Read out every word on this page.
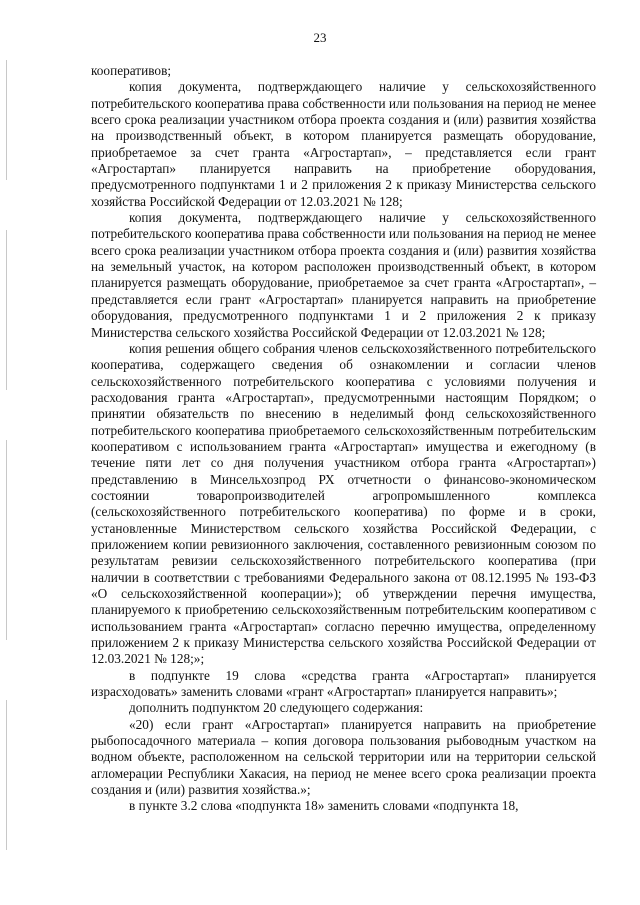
23

кооперативов;

копия документа, подтверждающего наличие у сельскохозяйственного потребительского кооператива права собственности или пользования на период не менее всего срока реализации участником отбора проекта создания и (или) развития хозяйства на производственный объект, в котором планируется размещать оборудование, приобретаемое за счет гранта «Агростартап», – представляется если грант «Агростартап» планируется направить на приобретение оборудования, предусмотренного подпунктами 1 и 2 приложения 2 к приказу Министерства сельского хозяйства Российской Федерации от 12.03.2021 № 128;

копия документа, подтверждающего наличие у сельскохозяйственного потребительского кооператива права собственности или пользования на период не менее всего срока реализации участником отбора проекта создания и (или) развития хозяйства на земельный участок, на котором расположен производственный объект, в котором планируется размещать оборудование, приобретаемое за счет гранта «Агростартап», – представляется если грант «Агростартап» планируется направить на приобретение оборудования, предусмотренного подпунктами 1 и 2 приложения 2 к приказу Министерства сельского хозяйства Российской Федерации от 12.03.2021 № 128;

копия решения общего собрания членов сельскохозяйственного потребительского кооператива, содержащего сведения об ознакомлении и согласии членов сельскохозяйственного потребительского кооператива с условиями получения и расходования гранта «Агростартап», предусмотренными настоящим Порядком; о принятии обязательств по внесению в неделимый фонд сельскохозяйственного потребительского кооператива приобретаемого сельскохозяйственным потребительским кооперативом с использованием гранта «Агростартап» имущества и ежегодному (в течение пяти лет со дня получения участником отбора гранта «Агростартап») представлению в Минсельхозпрод РХ отчетности о финансово-экономическом состоянии товаропроизводителей агропромышленного комплекса (сельскохозяйственного потребительского кооператива) по форме и в сроки, установленные Министерством сельского хозяйства Российской Федерации, с приложением копии ревизионного заключения, составленного ревизионным союзом по результатам ревизии сельскохозяйственного потребительского кооператива (при наличии в соответствии с требованиями Федерального закона от 08.12.1995 № 193-ФЗ «О сельскохозяйственной кооперации»); об утверждении перечня имущества, планируемого к приобретению сельскохозяйственным потребительским кооперативом с использованием гранта «Агростартап» согласно перечню имущества, определенному приложением 2 к приказу Министерства сельского хозяйства Российской Федерации от 12.03.2021 № 128;»;

в подпункте 19 слова «средства гранта «Агростартап» планируется израсходовать» заменить словами «грант «Агростартап» планируется направить»;

дополнить подпунктом 20 следующего содержания:

«20) если грант «Агростартап» планируется направить на приобретение рыбопосадочного материала – копия договора пользования рыбоводным участком на водном объекте, расположенном на сельской территории или на территории сельской агломерации Республики Хакасия, на период не менее всего срока реализации проекта создания и (или) развития хозяйства.»;

в пункте 3.2 слова «подпункта 18» заменить словами «подпункта 18,
